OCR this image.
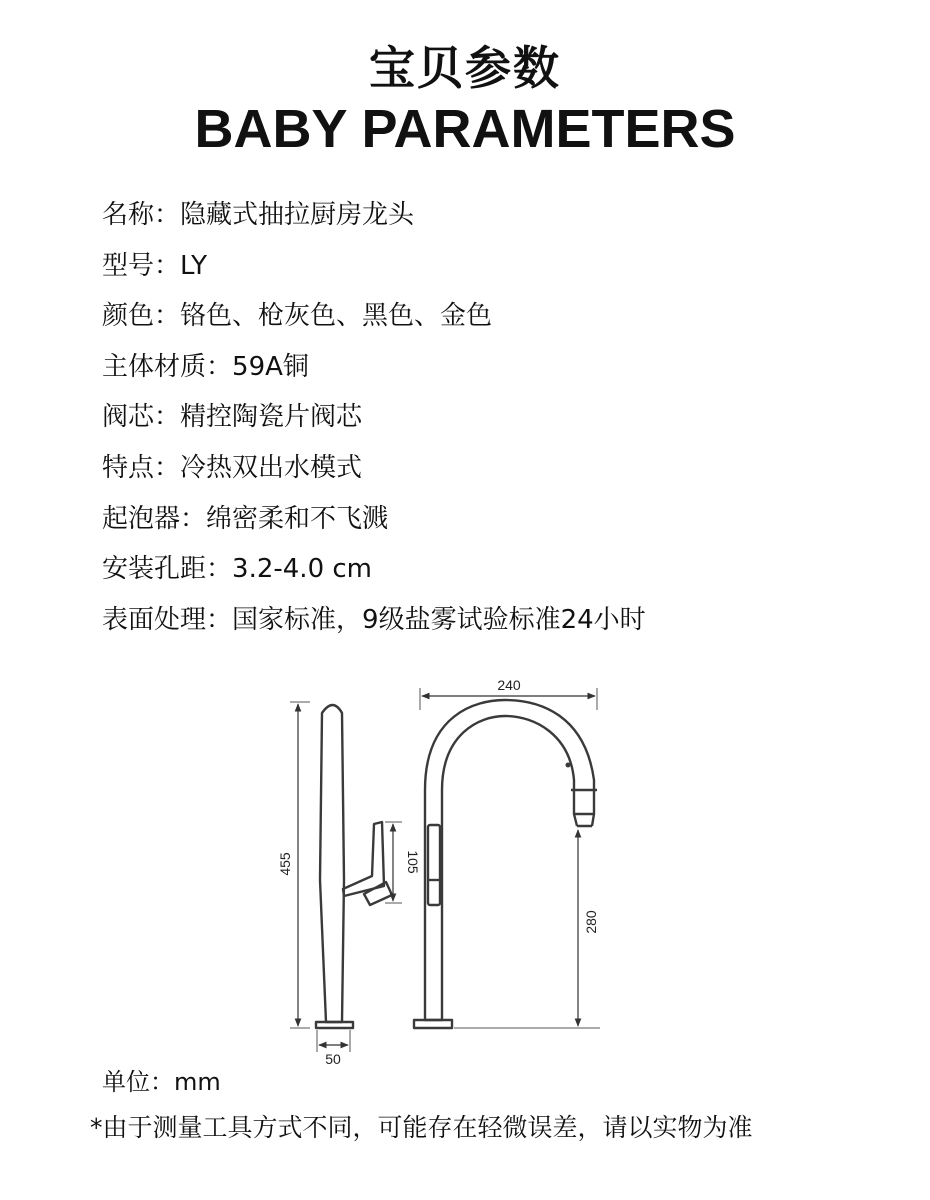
宝贝参数
BABY PARAMETERS
名称：隐藏式抽拉厨房龙头
型号：LY
颜色：铬色、枪灰色、黑色、金色
主体材质：59A铜
阀芯：精控陶瓷片阀芯
特点：冷热双出水模式
起泡器：绵密柔和不飞溅
安装孔距：3.2-4.0 cm
表面处理：国家标准，9级盐雾试验标准24小时
455	105
50
240
280
单位：mm
*由于测量工具方式不同，可能存在轻微误差，请以实物为准
